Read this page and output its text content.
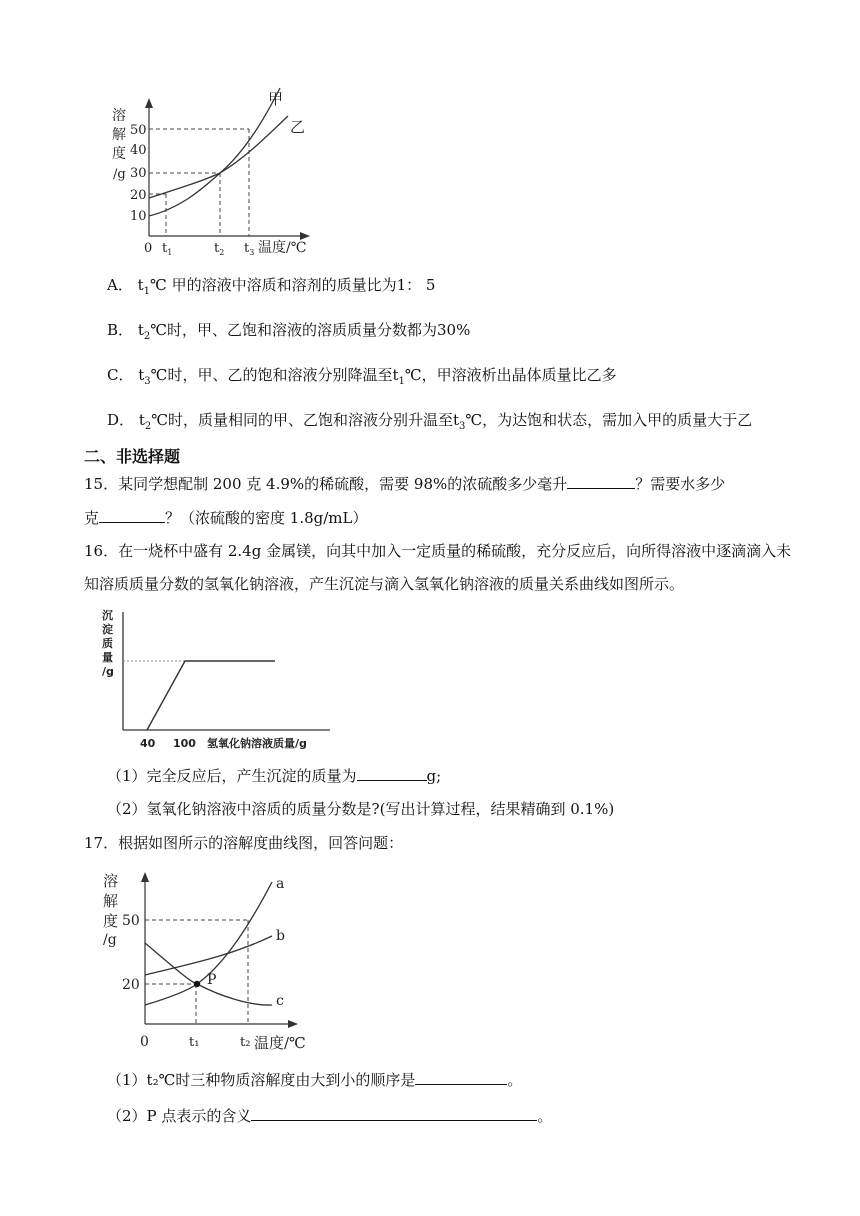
溶
解
度
/g
50
40
30
20
10
0 $t_1$	$t_2$ $t_3$ 温度/℃
甲
乙
A． $t_1℃$ 甲的溶液中溶质和溶剂的质量比为1： 5
B． $t_2℃$时，甲、乙饱和溶液的溶质质量分数都为30%
C． $t_3℃$时，甲、乙的饱和溶液分别降温至$t_1℃$，甲溶液析出晶体质量比乙多
D． $t_2℃$时，质量相同的甲、乙饱和溶液分别升温至$t_3℃$，为达饱和状态，需加入甲的质量大于乙
二、非选择题
15．某同学想配制 200 克 4.9%的稀硫酸，需要 98%的浓硫酸多少毫升	？需要水多少
克	？（浓硫酸的密度 1.8g/mL）
16．在一烧杯中盛有 2.4g 金属镁，向其中加入一定质量的稀硫酸，充分反应后，向所得溶液中逐滴滴入未
知溶质质量分数的氢氧化钠溶液，产生沉淀与滴入氢氧化钠溶液的质量关系曲线如图所示。
沉
淀
质
量
/g
40 100 氢氧化钠溶液质量/g
（1）完全反应后，产生沉淀的质量为	g;
（2）氢氧化钠溶液中溶质的质量分数是?(写出计算过程，结果精确到 0.1%)
17．根据如图所示的溶解度曲线图，回答问题：
溶
解
度
/g
50
20
0	t₁	t₂ 温度/℃
P
a
b
c
（1）t₂℃时三种物质溶解度由大到小的顺序是	。
（2）P 点表示的含义	。
